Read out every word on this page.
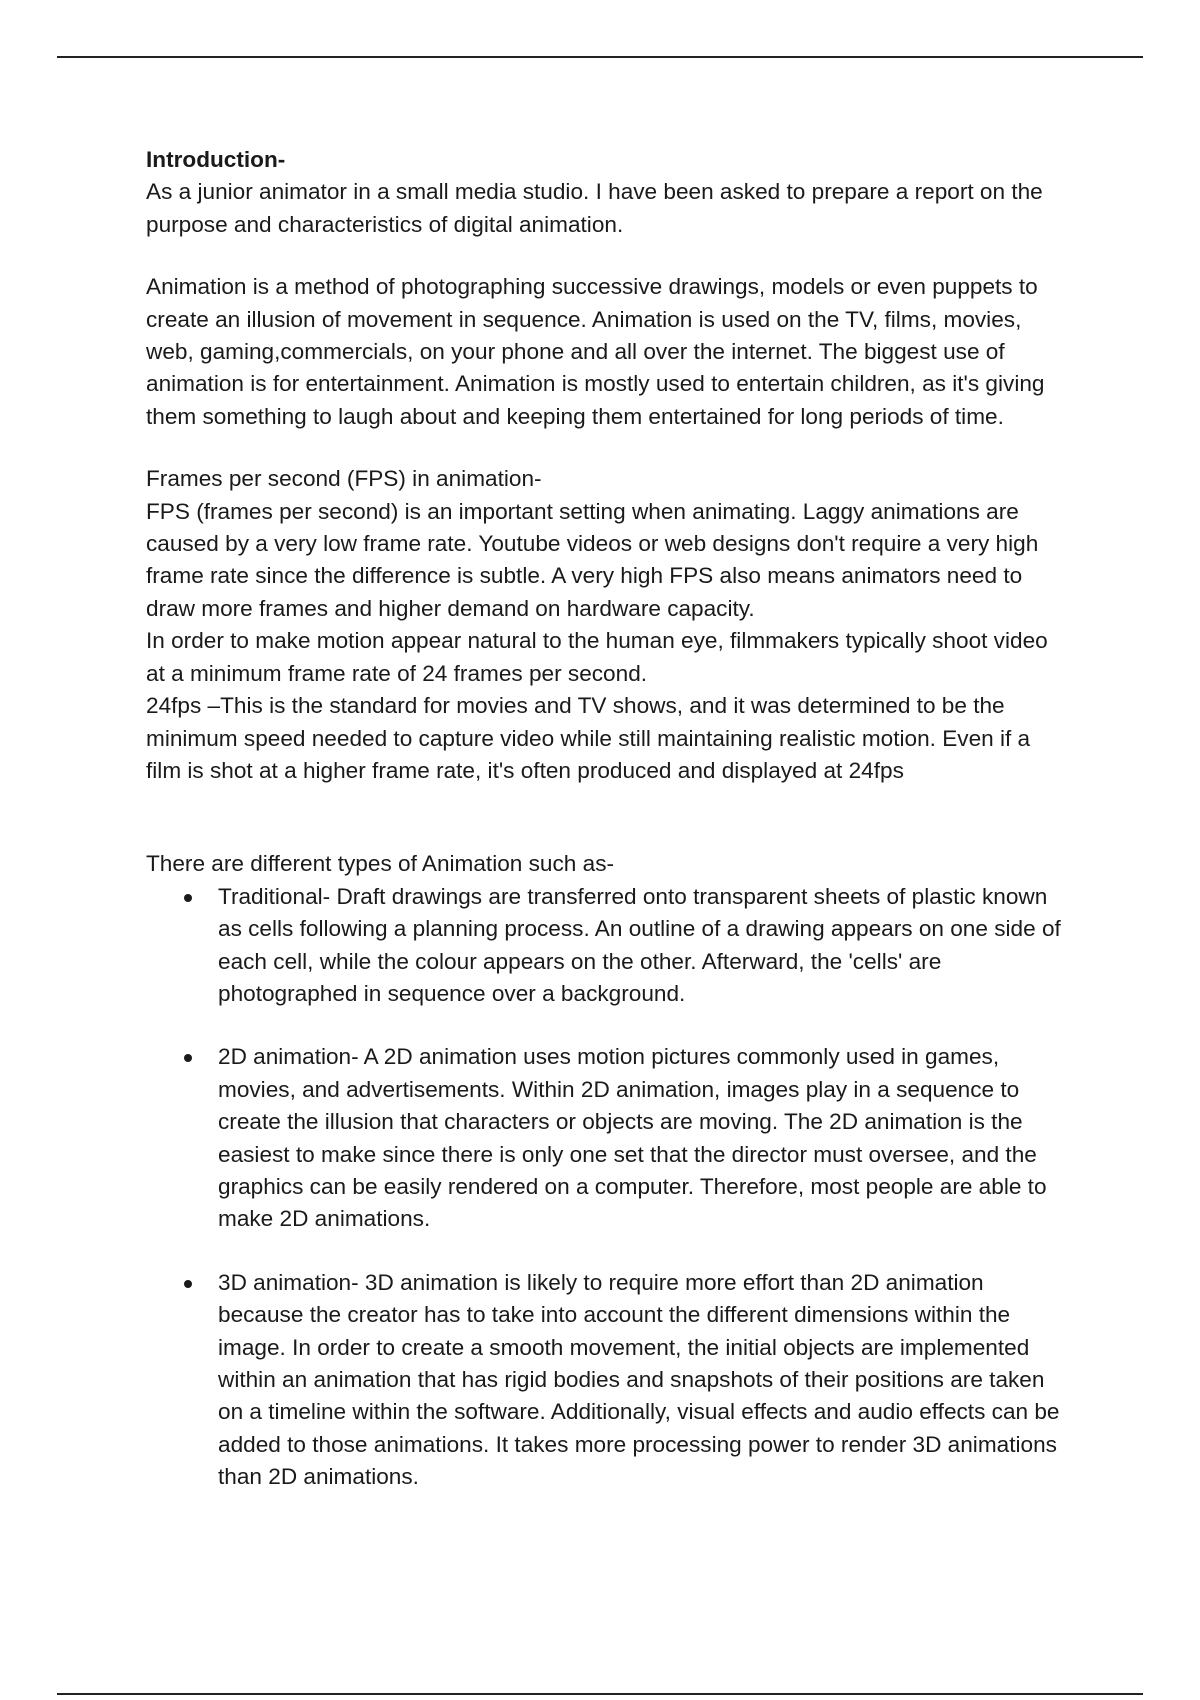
Introduction-

As a junior animator in a small media studio. I have been asked to prepare a report on the purpose and characteristics of digital animation.

Animation is a method of photographing successive drawings, models or even puppets to create an illusion of movement in sequence. Animation is used on the TV, films, movies, web, gaming,commercials, on your phone and all over the internet. The biggest use of animation is for entertainment. Animation is mostly used to entertain children, as it's giving them something to laugh about and keeping them entertained for long periods of time.

Frames per second (FPS) in animation-

FPS (frames per second) is an important setting when animating. Laggy animations are caused by a very low frame rate. Youtube videos or web designs don't require a very high frame rate since the difference is subtle. A very high FPS also means animators need to draw more frames and higher demand on hardware capacity.

In order to make motion appear natural to the human eye, filmmakers typically shoot video at a minimum frame rate of 24 frames per second.

24fps –This is the standard for movies and TV shows, and it was determined to be the minimum speed needed to capture video while still maintaining realistic motion. Even if a film is shot at a higher frame rate, it's often produced and displayed at 24fps

There are different types of Animation such as-

Traditional- Draft drawings are transferred onto transparent sheets of plastic known as cells following a planning process. An outline of a drawing appears on one side of each cell, while the colour appears on the other. Afterward, the 'cells' are photographed in sequence over a background.
2D animation- A 2D animation uses motion pictures commonly used in games, movies, and advertisements. Within 2D animation, images play in a sequence to create the illusion that characters or objects are moving. The 2D animation is the easiest to make since there is only one set that the director must oversee, and the graphics can be easily rendered on a computer. Therefore, most people are able to make 2D animations.
3D animation- 3D animation is likely to require more effort than 2D animation because the creator has to take into account the different dimensions within the image. In order to create a smooth movement, the initial objects are implemented within an animation that has rigid bodies and snapshots of their positions are taken on a timeline within the software. Additionally, visual effects and audio effects can be added to those animations. It takes more processing power to render 3D animations than 2D animations.
